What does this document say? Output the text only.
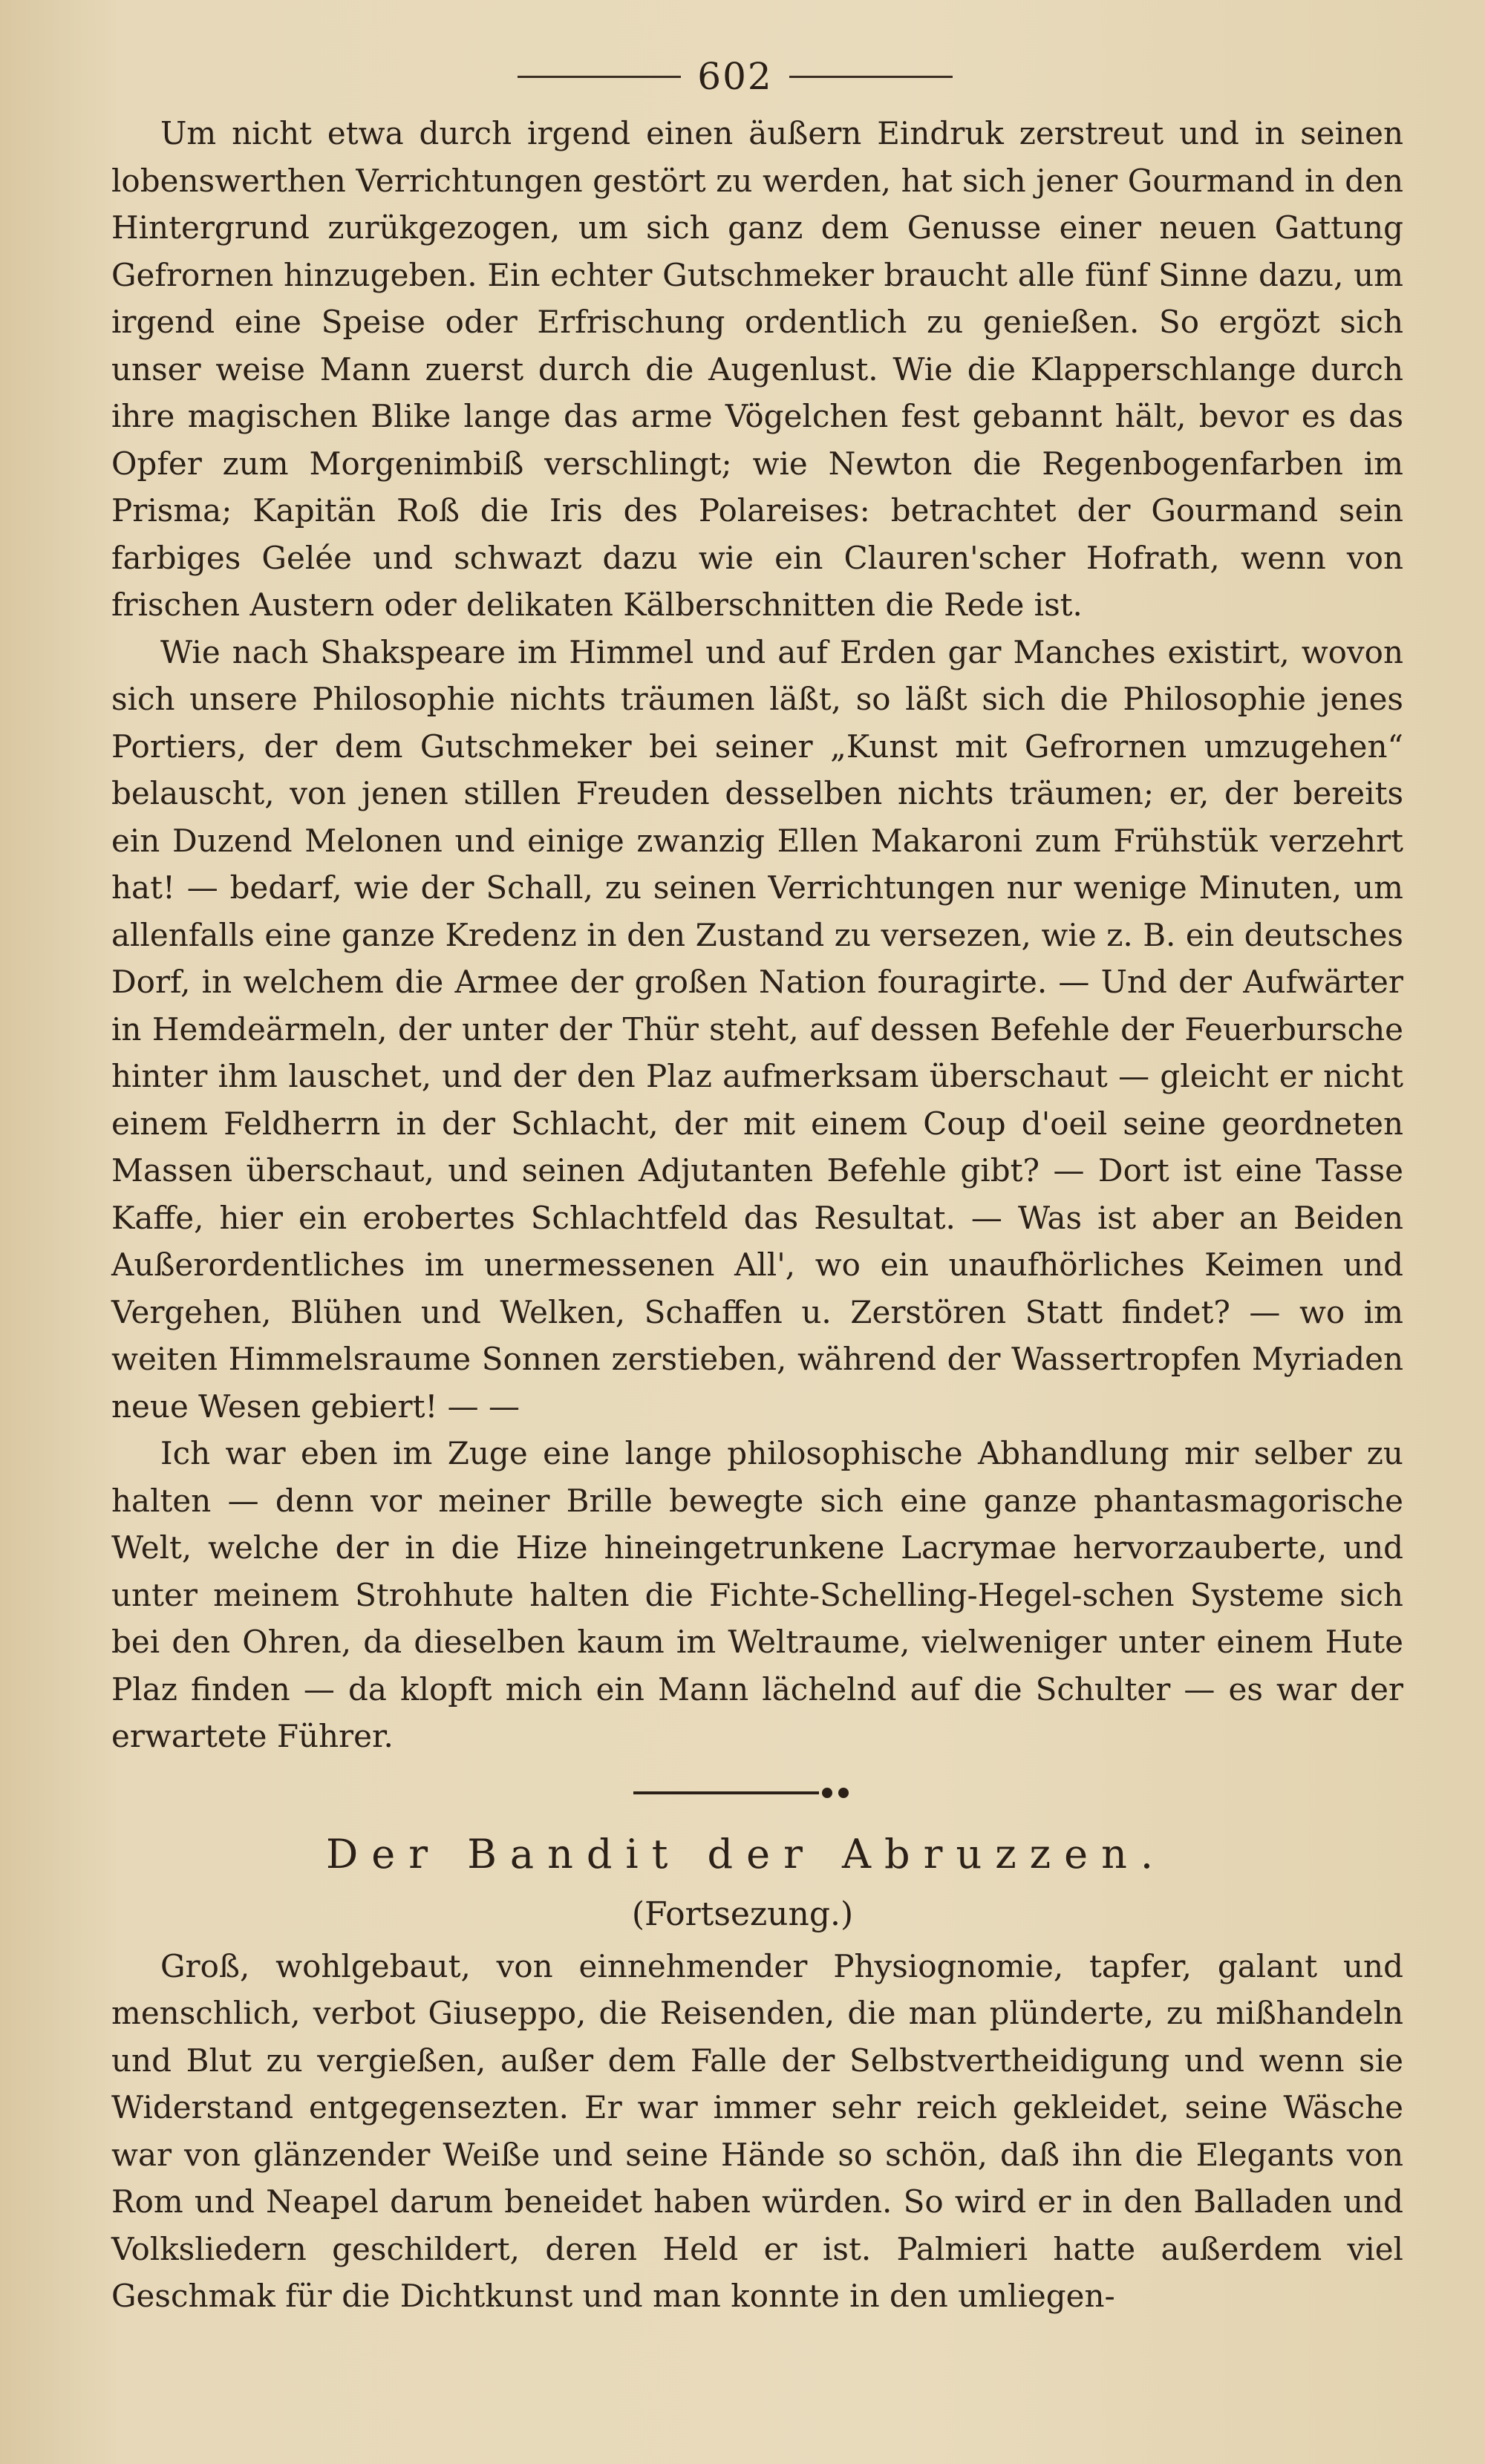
602

Um nicht etwa durch irgend einen äußern Eindruk zerstreut und in seinen lobenswerthen Verrichtungen gestört zu werden, hat sich jener Gourmand in den Hintergrund zurükgezogen, um sich ganz dem Genusse einer neuen Gattung Gefrornen hinzugeben. Ein echter Gutschmeker braucht alle fünf Sinne dazu, um irgend eine Speise oder Erfrischung ordentlich zu genießen. So ergözt sich unser weise Mann zuerst durch die Augenlust. Wie die Klapperschlange durch ihre magischen Blike lange das arme Vögelchen fest gebannt hält, bevor es das Opfer zum Morgenimbiß verschlingt; wie Newton die Regenbogenfarben im Prisma; Kapitän Roß die Iris des Polareises: betrachtet der Gourmand sein farbiges Gelée und schwazt dazu wie ein Clauren'scher Hofrath, wenn von frischen Austern oder delikaten Kälberschnitten die Rede ist.

Wie nach Shakspeare im Himmel und auf Erden gar Manches existirt, wovon sich unsere Philosophie nichts träumen läßt, so läßt sich die Philosophie jenes Portiers, der dem Gutschmeker bei seiner „Kunst mit Gefrornen umzugehen“ belauscht, von jenen stillen Freuden desselben nichts träumen; er, der bereits ein Duzend Melonen und einige zwanzig Ellen Makaroni zum Frühstük verzehrt hat! — bedarf, wie der Schall, zu seinen Verrichtungen nur wenige Minuten, um allenfalls eine ganze Kredenz in den Zustand zu versezen, wie z. B. ein deutsches Dorf, in welchem die Armee der großen Nation fouragirte. — Und der Aufwärter in Hemdeärmeln, der unter der Thür steht, auf dessen Befehle der Feuerbursche hinter ihm lauschet, und der den Plaz aufmerksam überschaut — gleicht er nicht einem Feldherrn in der Schlacht, der mit einem Coup d'oeil seine geordneten Massen überschaut, und seinen Adjutanten Befehle gibt? — Dort ist eine Tasse Kaffe, hier ein erobertes Schlachtfeld das Resultat. — Was ist aber an Beiden Außerordentliches im unermessenen All', wo ein unaufhörliches Keimen und Vergehen, Blühen und Welken, Schaffen u. Zerstören Statt findet? — wo im weiten Himmelsraume Sonnen zerstieben, während der Wassertropfen Myriaden neue Wesen gebiert! — —

Ich war eben im Zuge eine lange philosophische Abhandlung mir selber zu halten — denn vor meiner Brille bewegte sich eine ganze phantasmagorische Welt, welche der in die Hize hineingetrunkene Lacrymae hervorzauberte, und unter meinem Strohhute halten die Fichte-Schelling-Hegel-schen Systeme sich bei den Ohren, da dieselben kaum im Weltraume, vielweniger unter einem Hute Plaz finden — da klopft mich ein Mann lächelnd auf die Schulter — es war der erwartete Führer.

Der Bandit der Abruzzen.
(Fortsezung.)

Groß, wohlgebaut, von einnehmender Physiognomie, tapfer, galant und menschlich, verbot Giuseppo, die Reisenden, die man plünderte, zu mißhandeln und Blut zu vergießen, außer dem Falle der Selbstvertheidigung und wenn sie Widerstand entgegensezten. Er war immer sehr reich gekleidet, seine Wäsche war von glänzender Weiße und seine Hände so schön, daß ihn die Elegants von Rom und Neapel darum beneidet haben würden. So wird er in den Balladen und Volksliedern geschildert, deren Held er ist. Palmieri hatte außerdem viel Geschmak für die Dichtkunst und man konnte in den umliegen-
